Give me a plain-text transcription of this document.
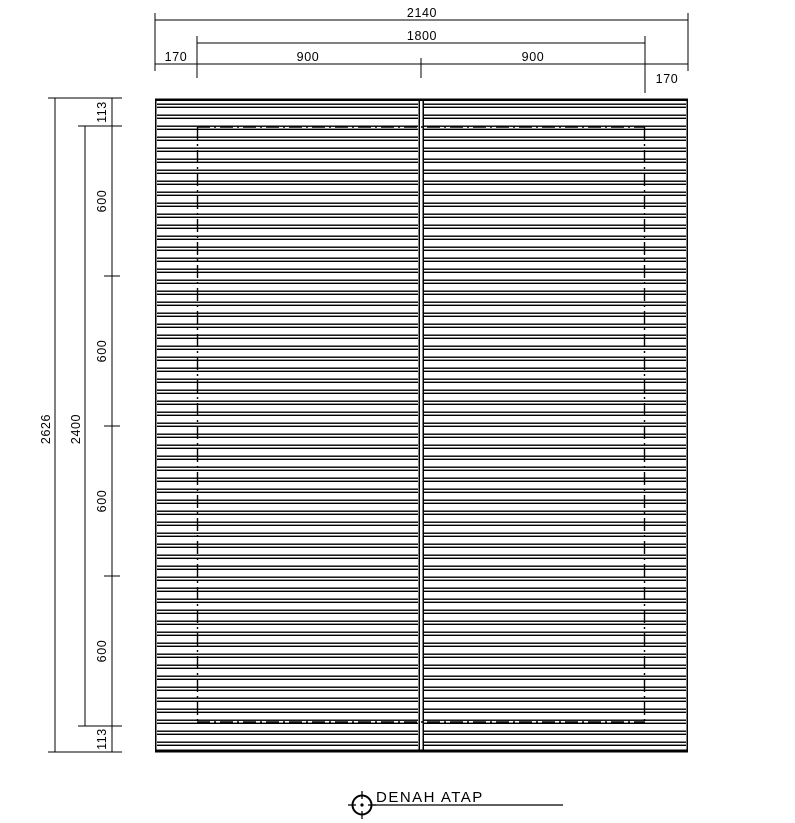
2140
1800
170	900	900
170
2626 2400
113
600
600
600
600
113
DENAH ATAP
